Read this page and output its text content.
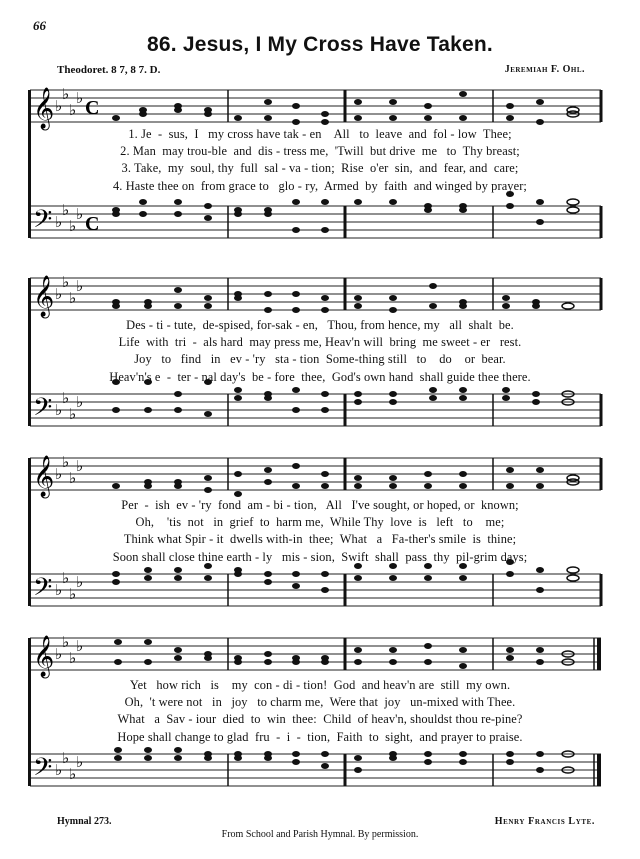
66
86. Jesus, I My Cross Have Taken.
Theodoret. 8 7, 8 7. D.	Jeremiah F. Ohl.
𝄞
𝄢
♭
♭
♭
♭
♭
♭
♭
♭
C
C
1. Je  -  sus,  I   my cross have tak - en    All   to  leave  and  fol - low  Thee;
2. Man  may trou-ble  and  dis - tress me,  'Twill  but drive  me   to  Thy breast;
3. Take,  my  soul, thy  full  sal - va - tion;  Rise  o'er  sin,  and  fear, and  care;
4. Haste thee on  from grace to   glo - ry,  Armed  by  faith  and winged by prayer;
𝄞
𝄢
♭
♭
♭
♭
♭
♭
♭
♭
Des - ti - tute,  de-spised, for-sak - en,   Thou, from hence, my   all  shalt  be.
Life  with  tri  -  als hard  may press me, Heav'n will  bring  me sweet - er   rest.
Joy   to   find   in   ev - 'ry   sta - tion  Some-thing still   to    do    or  bear.
Heav'n's e  -  ter - nal day's  be - fore  thee,  God's own hand  shall guide thee there.
𝄞
𝄢
♭
♭
♭
♭
♭
♭
♭
♭
Per  -  ish  ev - 'ry  fond  am - bi - tion,   All   I've sought, or hoped, or  known;
Oh,    'tis  not   in  grief  to  harm me,  While Thy  love  is   left   to    me;
Think what Spir - it  dwells with-in  thee;  What   a   Fa-ther's smile  is  thine;
Soon shall close thine earth - ly   mis - sion,  Swift  shall  pass  thy  pil-grim days;
𝄞
𝄢
♭
♭
♭
♭
♭
♭
♭
♭
Yet   how rich   is    my  con - di - tion!  God  and heav'n are  still  my own.
Oh,  't were not   in   joy   to charm me,  Were that  joy   un-mixed with Thee.
What   a  Sav - iour  died  to  win  thee:  Child  of heav'n, shouldst thou re-pine?
Hope shall change to glad  fru  -  i  -  tion,  Faith  to  sight,  and prayer to praise.
Hymnal 273.	Henry Francis Lyte.
From School and Parish Hymnal. By permission.
